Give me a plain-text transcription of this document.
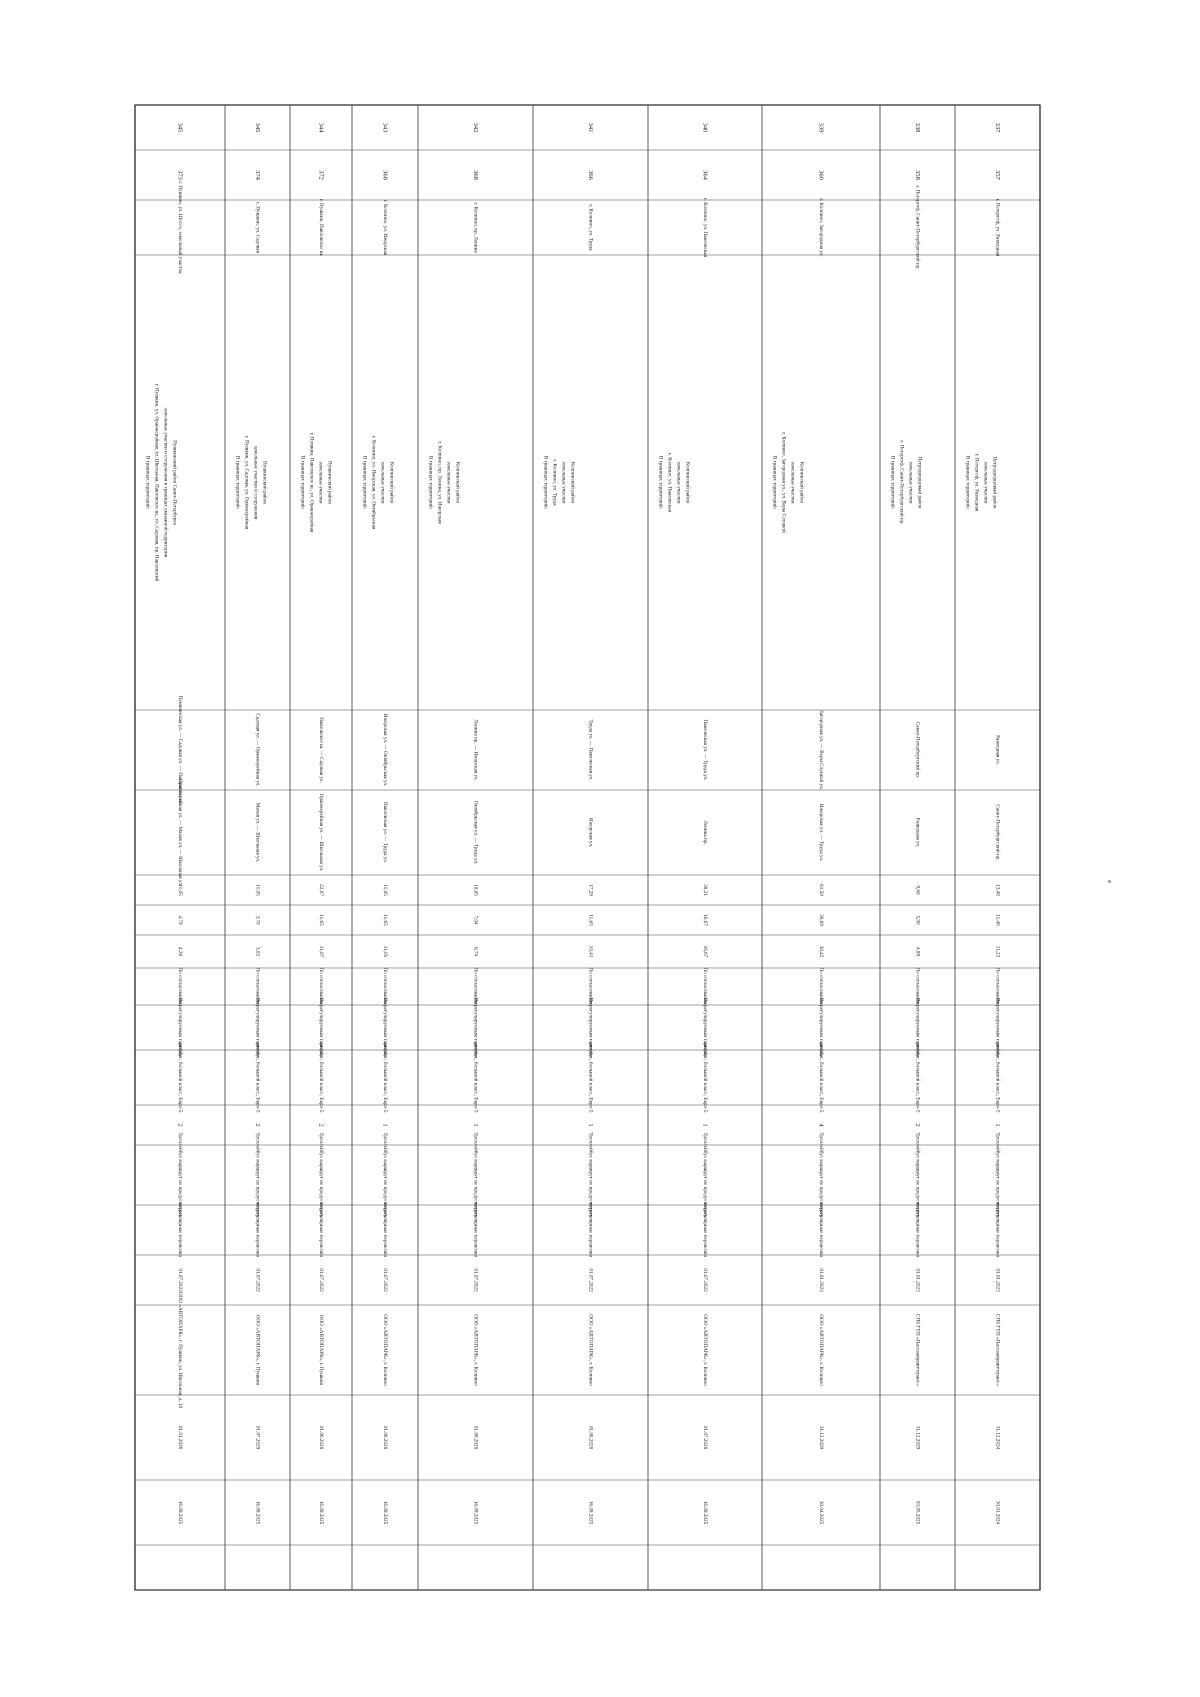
345
373
г. Пушкин, ул. Шоссе, земельный участок
В границах территорий: г. Пушкин, ул. Оранжерейная, ул. Школьная, Павловское ш., ул. Садовая, пр. Павловский земельные участки и сооружения в границах указанной территории Пушкинский район Санкт-Петербурга
Пушкинская ул. — Садовая ул. — Павловское ш.
Оранжерейная ул. — Малая ул. — Школьная ул.
11,05
4,79
4,26
По согласованию
По регулируемым тарифам
автобус, большой класс, Евро-5
2
Троллейбус маршрут не предусмотрен
нерегулярные перевозки
01.07.2022
ООО «АВТОПАРК», г. Пушкин, ул. Школьная, д. 10
01.01.2026
16.09.2025
345
374
г. Пушкин, ул. Садовая
В границах территорий: г. Пушкин, ул. Садовая, ул. Оранжерейная земельные участки и сооружения Пушкинский район
Садовая ул. — Оранжерейная ул.
Малая ул. — Школьная ул.
11,05
3,70
3,02
По согласованию
По регулируемым тарифам
автобус, большой класс, Евро-5
2
Троллейбус маршрут не предусмотрен
нерегулярные перевозки
01.07.2022
ООО «АВТОПАРК», г. Пушкин
01.07.2029
16.09.2025
344
372
г. Пушкин, Павловское ш.
В границах территорий: г. Пушкин, Павловское ш., ул. Оранжерейная земельные участки Пушкинский район
Павловское ш. — Садовая ул.
Оранжерейная ул. — Школьная ул.
22,07
11,65
11,07
По согласованию
По регулируемым тарифам
автобус, большой класс, Евро-5
2
Троллейбус маршрут не предусмотрен
нерегулярные перевозки
01.07.2022
ООО «АВТОПАРК», г. Пушкин
01.06.2028
16.09.2025
343
368
г. Колпино, ул. Ижорская
В границах территорий: г. Колпино, ул. Ижорская, ул. Октябрьская земельные участки Колпинский район
Ижорская ул. — Октябрьская ул.
Павловская ул. — Труда ул.
11,05
11,65
11,05
По согласованию
По регулируемым тарифам
автобус, большой класс, Евро-5
1
Троллейбус маршрут не предусмотрен
нерегулярные перевозки
01.07.2022
ООО «АВТОПАРК», г. Колпино
01.08.2028
16.09.2025
342
368
г. Колпино, пр. Ленина
В границах территорий: г. Колпино, пр. Ленина, ул. Ижорская земельные участки Колпинский район
Ленина пр. — Ижорская ул.
Октябрьская ул. — Труда ул.
10,65
7,04
6,74
По согласованию
По регулируемым тарифам
автобус, большой класс, Евро-5
1
Троллейбус маршрут не предусмотрен
нерегулярные перевозки
01.07.2022
ООО «АВТОПАРК», г. Колпино
01.08.2028
16.09.2025
341
366
г. Колпино, ул. Труда
В границах территорий: г. Колпино, ул. Труда земельные участки Колпинский район
Труда ул. — Павловская ул.
Ижорская ул.
17,29
11,65
10,41
По согласованию
По регулируемым тарифам
автобус, большой класс, Евро-5
1
Троллейбус маршрут не предусмотрен
нерегулярные перевозки
01.07.2022
ООО «АВТОПАРК», г. Колпино
01.08.2028
16.09.2025
340
364
г. Колпино, ул. Павловская
В границах территорий: г. Колпино, ул. Павловская земельные участки Колпинский район
Павловская ул. — Труда ул.
Ленина пр.
38,21
16,67
16,67
По согласованию
По регулируемым тарифам
автобус, большой класс, Евро-5
1
Троллейбус маршрут не предусмотрен
нерегулярные перевозки
01.07.2022
ООО «АВТОПАРК», г. Колпино
01.07.2028
16.09.2025
339
360
г. Колпино, Загородная ул.
В границах территорий: г. Колпино, Загородная ул., ул. Веры Слуцкой земельные участки Колпинский район
Загородная ул. — Веры Слуцкой ул.
Ижорская ул. — Труда ул.
61,50
36,69
30,42
По согласованию
По регулируемым тарифам
автобус, большой класс, Евро-5
4
Троллейбус маршрут не предусмотрен
нерегулярные перевозки
01.01.2023
ООО «АВТОПАРК», г. Колпино
31.12.2029
30.04.2025
338
358
г. Петергоф, Санкт-Петербургский пр.
В границах территорий: г. Петергоф, Санкт-Петербургский пр. земельные участки Петродворцовый район
Санкт-Петербургский пр.
Разводная ул.
9,60
5,90
4,89
По согласованию
По регулируемым тарифам
автобус, большой класс, Евро-5
2
Троллейбус маршрут не предусмотрен
нерегулярные перевозки
01.01.2023
СПб ГУП «Пассажиравтотранс»
31.12.2029
03.05.2025
337
357
г. Петергоф, ул. Разводная
В границах территорий: г. Петергоф, ул. Разводная земельные участки Петродворцовый район
Разводная ул.
Санкт-Петербургский пр.
13,48
11,48
11,23
По согласованию
По регулируемым тарифам
автобус, большой класс, Евро-5
1
Троллейбус маршрут не предусмотрен
нерегулярные перевозки
01.01.2023
СПб ГУП «Пассажиравтотранс»
31.12.2024
30.01.2024
